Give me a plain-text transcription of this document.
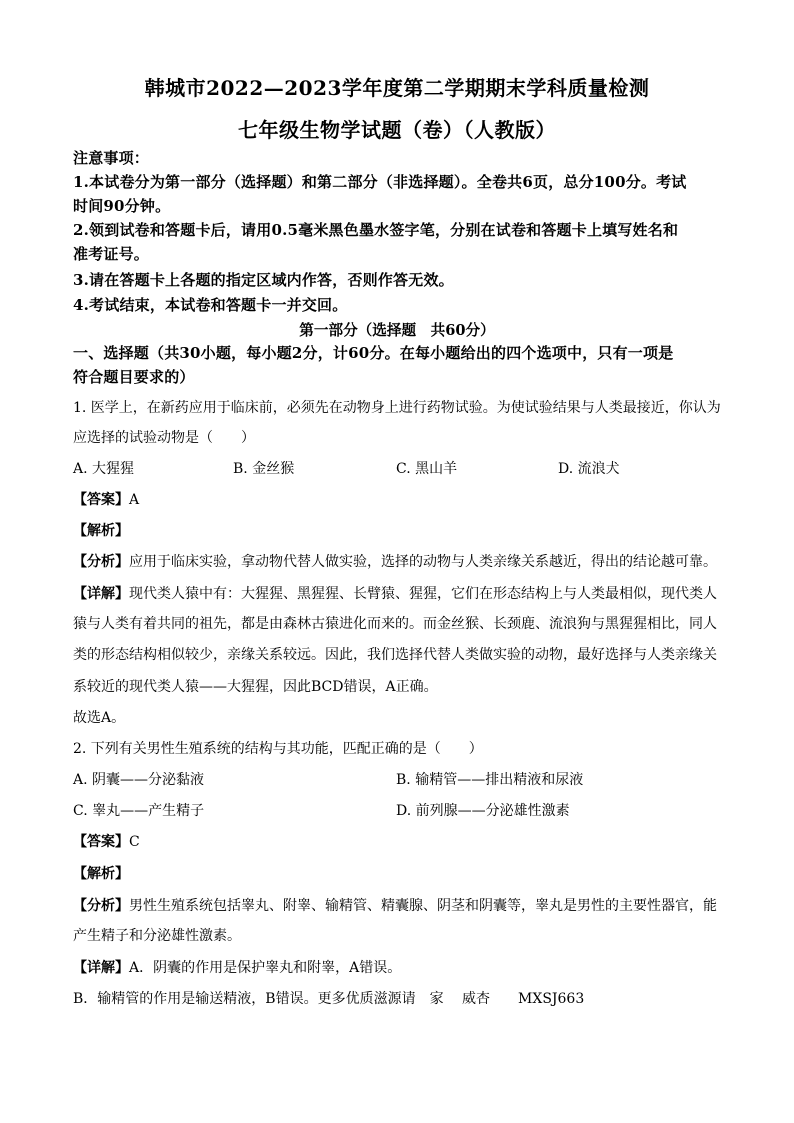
韩城市2022—2023学年度第二学期期末学科质量检测
七年级生物学试题（卷）（人教版）
注意事项：
1.本试卷分为第一部分（选择题）和第二部分（非选择题）。全卷共6页，总分100分。考试
时间90分钟。
2.领到试卷和答题卡后，请用0.5毫米黑色墨水签字笔，分别在试卷和答题卡上填写姓名和
准考证号。
3.请在答题卡上各题的指定区域内作答，否则作答无效。
4.考试结束，本试卷和答题卡一并交回。
第一部分（选择题　共60分）
一、选择题（共30小题，每小题2分，计60分。在每小题给出的四个选项中，只有一项是
符合题目要求的）
1. 医学上，在新药应用于临床前，必须先在动物身上进行药物试验。为使试验结果与人类最接近，你认为
应选择的试验动物是（　　）
A. 大猩猩	B. 金丝猴	C. 黑山羊	D. 流浪犬
【答案】A
【解析】
【分析】应用于临床实验，拿动物代替人做实验，选择的动物与人类亲缘关系越近，得出的结论越可靠。
【详解】现代类人猿中有：大猩猩、黑猩猩、长臂猿、猩猩，它们在形态结构上与人类最相似，现代类人
猿与人类有着共同的祖先，都是由森林古猿进化而来的。而金丝猴、长颈鹿、流浪狗与黑猩猩相比，同人
类的形态结构相似较少，亲缘关系较远。因此，我们选择代替人类做实验的动物，最好选择与人类亲缘关
系较近的现代类人猿——大猩猩，因此BCD错误，A正确。
故选A。
2. 下列有关男性生殖系统的结构与其功能，匹配正确的是（　　）
A. 阴囊——分泌黏液	B. 输精管——排出精液和尿液
C. 睾丸——产生精子	D. 前列腺——分泌雄性激素
【答案】C
【解析】
【分析】男性生殖系统包括睾丸、附睾、输精管、精囊腺、阴茎和阴囊等，睾丸是男性的主要性器官，能
产生精子和分泌雄性激素。
【详解】A．阴囊的作用是保护睾丸和附睾，A错误。
B．输精管的作用是输送精液，B错误。更多优质滋源请　家　 威杏　　MXSJ663
